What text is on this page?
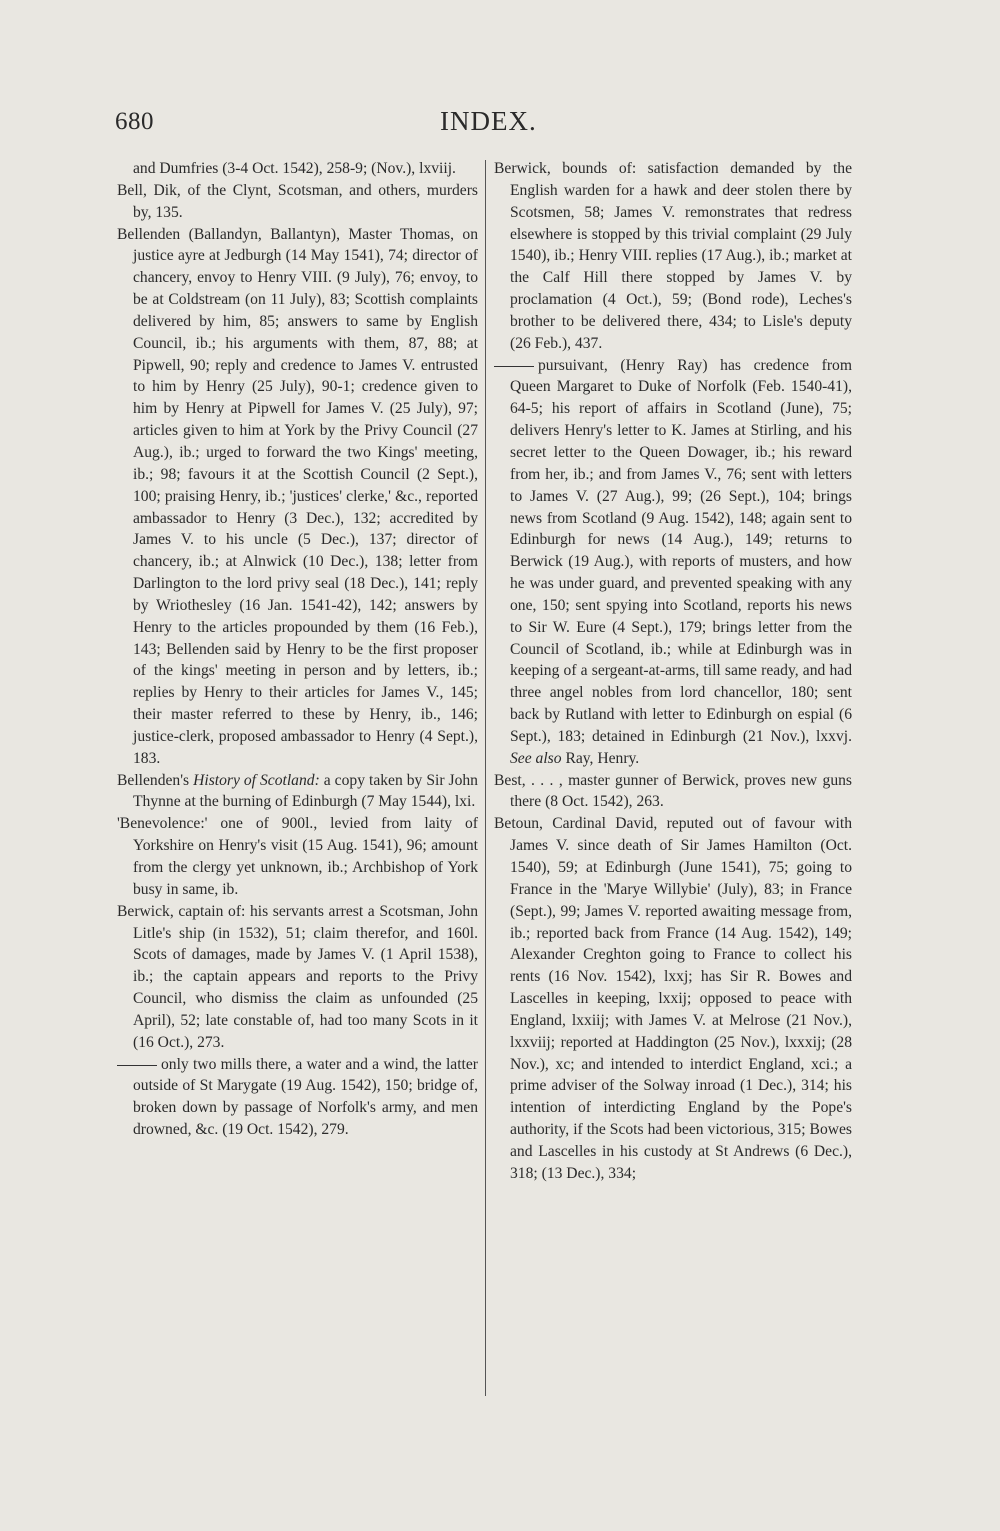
680	INDEX.

and Dumfries (3-4 Oct. 1542), 258-9; (Nov.), lxviij.

Bell, Dik, of the Clynt, Scotsman, and others, murders by, 135.

Bellenden (Ballandyn, Ballantyn), Master Thomas, on justice ayre at Jedburgh (14 May 1541), 74; director of chancery, envoy to Henry VIII. (9 July), 76; envoy, to be at Coldstream (on 11 July), 83; Scottish complaints delivered by him, 85; answers to same by English Council, ib.; his arguments with them, 87, 88; at Pipwell, 90; reply and credence to James V. entrusted to him by Henry (25 July), 90-1; credence given to him by Henry at Pipwell for James V. (25 July), 97; articles given to him at York by the Privy Council (27 Aug.), ib.; urged to forward the two Kings' meeting, ib.; 98; favours it at the Scottish Council (2 Sept.), 100; praising Henry, ib.; 'justices' clerke,' &c., reported ambassador to Henry (3 Dec.), 132; accredited by James V. to his uncle (5 Dec.), 137; director of chancery, ib.; at Alnwick (10 Dec.), 138; letter from Darlington to the lord privy seal (18 Dec.), 141; reply by Wriothesley (16 Jan. 1541-42), 142; answers by Henry to the articles propounded by them (16 Feb.), 143; Bellenden said by Henry to be the first proposer of the kings' meeting in person and by letters, ib.; replies by Henry to their articles for James V., 145; their master referred to these by Henry, ib., 146; justice-clerk, proposed ambassador to Henry (4 Sept.), 183.

Bellenden's History of Scotland: a copy taken by Sir John Thynne at the burning of Edinburgh (7 May 1544), lxi.

'Benevolence:' one of 900l., levied from laity of Yorkshire on Henry's visit (15 Aug. 1541), 96; amount from the clergy yet unknown, ib.; Archbishop of York busy in same, ib.

Berwick, captain of: his servants arrest a Scotsman, John Litle's ship (in 1532), 51; claim therefor, and 160l. Scots of damages, made by James V. (1 April 1538), ib.; the captain appears and reports to the Privy Council, who dismiss the claim as unfounded (25 April), 52; late constable of, had too many Scots in it (16 Oct.), 273.

only two mills there, a water and a wind, the latter outside of St Marygate (19 Aug. 1542), 150; bridge of, broken down by passage of Norfolk's army, and men drowned, &c. (19 Oct. 1542), 279.

Berwick, bounds of: satisfaction demanded by the English warden for a hawk and deer stolen there by Scotsmen, 58; James V. remonstrates that redress elsewhere is stopped by this trivial complaint (29 July 1540), ib.; Henry VIII. replies (17 Aug.), ib.; market at the Calf Hill there stopped by James V. by proclamation (4 Oct.), 59; (Bond rode), Leches's brother to be delivered there, 434; to Lisle's deputy (26 Feb.), 437.

pursuivant, (Henry Ray) has credence from Queen Margaret to Duke of Norfolk (Feb. 1540-41), 64-5; his report of affairs in Scotland (June), 75; delivers Henry's letter to K. James at Stirling, and his secret letter to the Queen Dowager, ib.; his reward from her, ib.; and from James V., 76; sent with letters to James V. (27 Aug.), 99; (26 Sept.), 104; brings news from Scotland (9 Aug. 1542), 148; again sent to Edinburgh for news (14 Aug.), 149; returns to Berwick (19 Aug.), with reports of musters, and how he was under guard, and prevented speaking with any one, 150; sent spying into Scotland, reports his news to Sir W. Eure (4 Sept.), 179; brings letter from the Council of Scotland, ib.; while at Edinburgh was in keeping of a sergeant-at-arms, till same ready, and had three angel nobles from lord chancellor, 180; sent back by Rutland with letter to Edinburgh on espial (6 Sept.), 183; detained in Edinburgh (21 Nov.), lxxvj. See also Ray, Henry.

Best, . . . , master gunner of Berwick, proves new guns there (8 Oct. 1542), 263.

Betoun, Cardinal David, reputed out of favour with James V. since death of Sir James Hamilton (Oct. 1540), 59; at Edinburgh (June 1541), 75; going to France in the 'Marye Willybie' (July), 83; in France (Sept.), 99; James V. reported awaiting message from, ib.; reported back from France (14 Aug. 1542), 149; Alexander Creghton going to France to collect his rents (16 Nov. 1542), lxxj; has Sir R. Bowes and Lascelles in keeping, lxxij; opposed to peace with England, lxxiij; with James V. at Melrose (21 Nov.), lxxviij; reported at Haddington (25 Nov.), lxxxij; (28 Nov.), xc; and intended to interdict England, xci.; a prime adviser of the Solway inroad (1 Dec.), 314; his intention of interdicting England by the Pope's authority, if the Scots had been victorious, 315; Bowes and Lascelles in his custody at St Andrews (6 Dec.), 318; (13 Dec.), 334;
